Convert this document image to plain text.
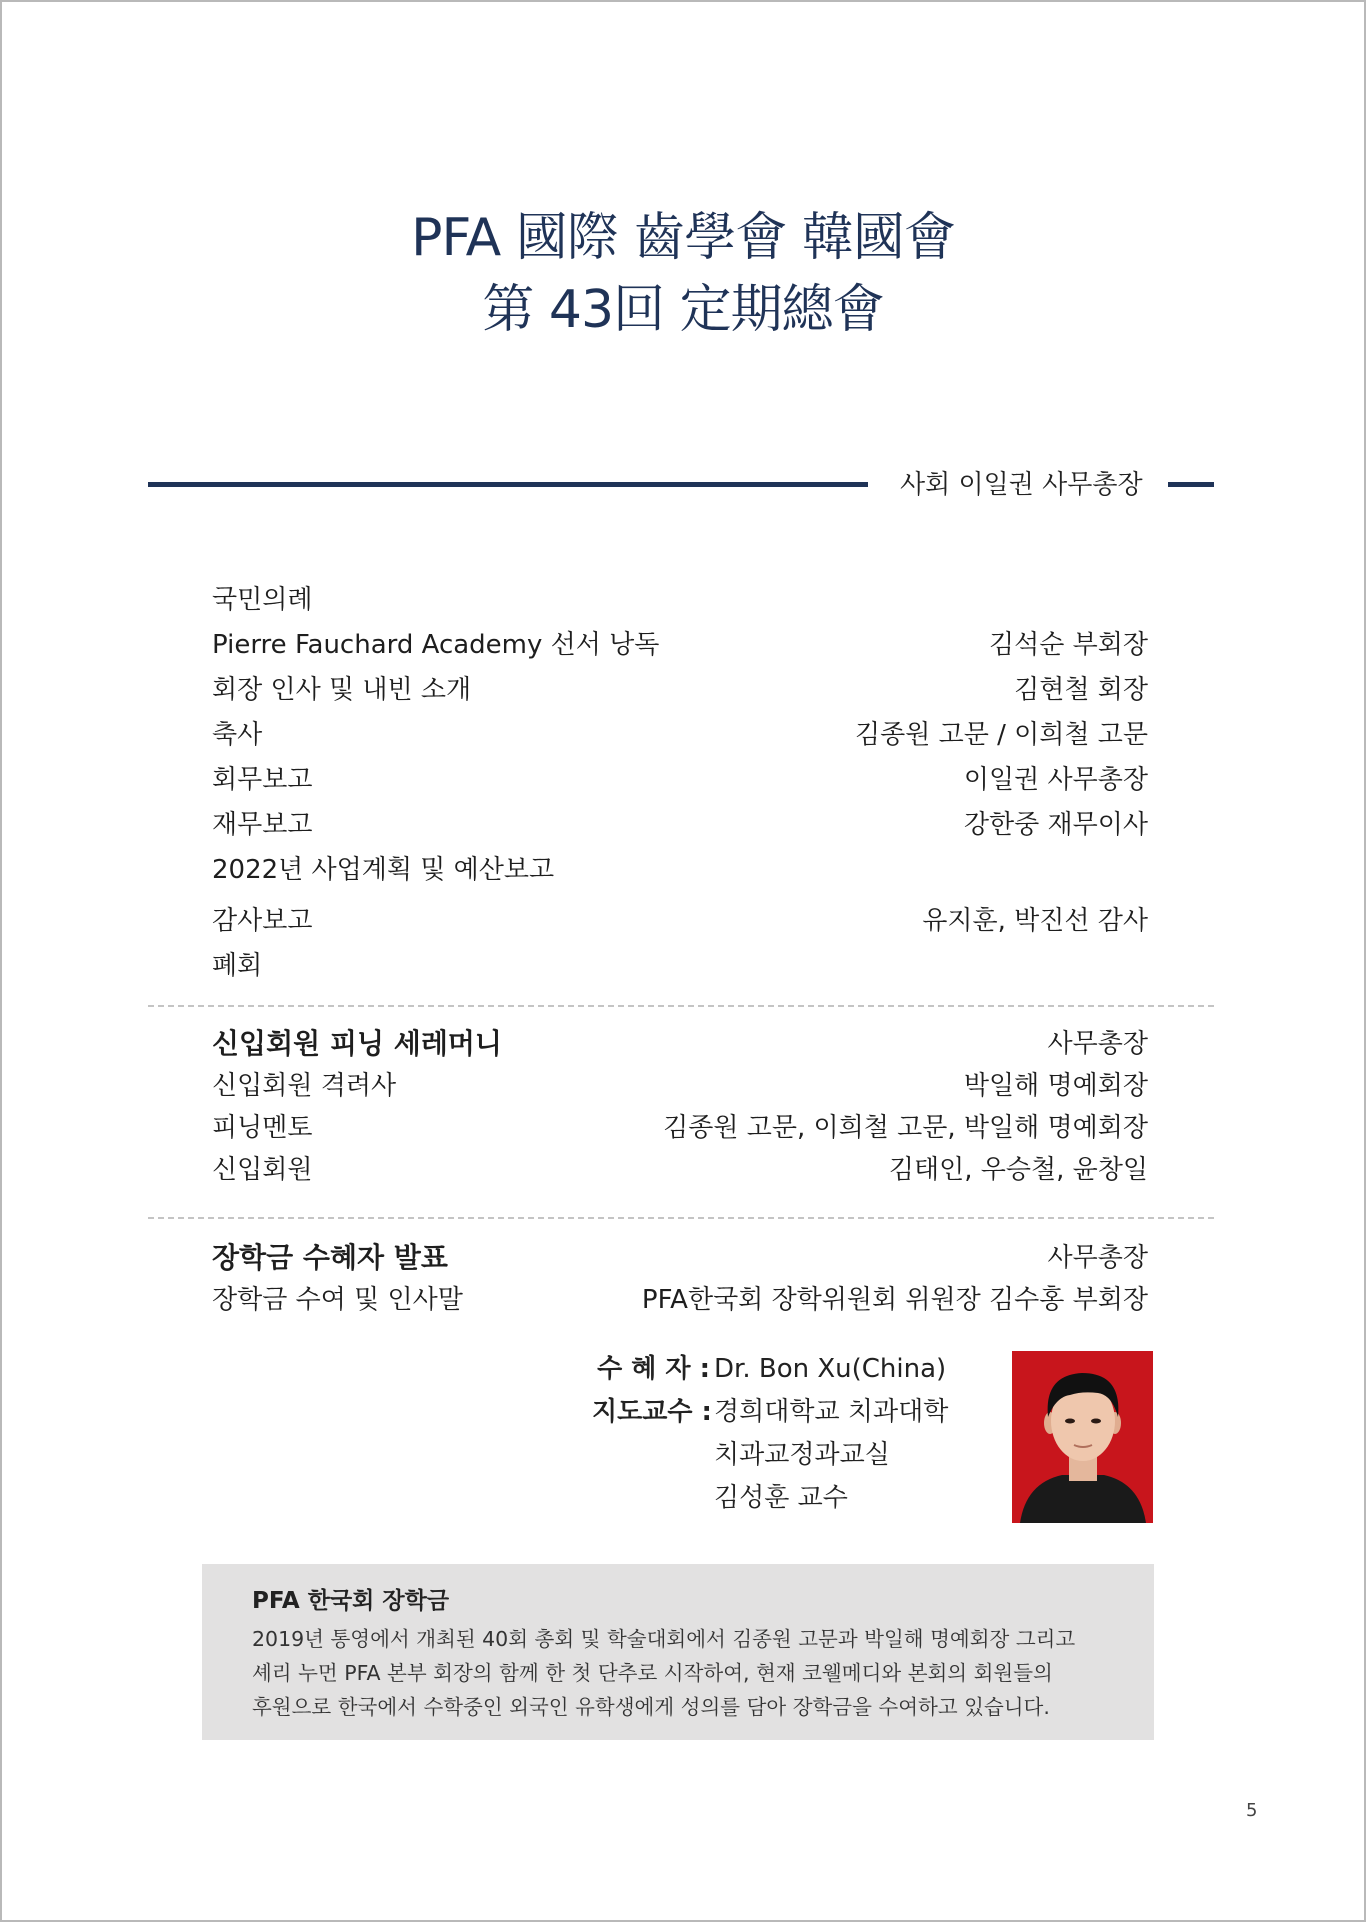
PFA 國際 齒學會 韓國會
第 43回 定期總會
사회 이일권 사무총장
국민의례
Pierre Fauchard Academy 선서 낭독	김석순 부회장
회장 인사 및 내빈 소개	김현철 회장
축사	김종원 고문 / 이희철 고문
회무보고	이일권 사무총장
재무보고	강한중 재무이사
2022년 사업계획 및 예산보고
감사보고	유지훈, 박진선 감사
폐회
신입회원 피닝 세레머니	사무총장
신입회원 격려사	박일해 명예회장
피닝멘토	김종원 고문, 이희철 고문, 박일해 명예회장
신입회원	김태인, 우승철, 윤창일
장학금 수혜자 발표	사무총장
장학금 수여 및 인사말	PFA한국회 장학위원회 위원장 김수홍 부회장
수 혜 자 : Dr. Bon Xu(China)
지도교수 : 경희대학교 치과대학
치과교정과교실
김성훈 교수
PFA 한국회 장학금
2019년 통영에서 개최된 40회 총회 및 학술대회에서 김종원 고문과 박일해 명예회장 그리고
셰리 누먼 PFA 본부 회장의 함께 한 첫 단추로 시작하여, 현재 코웰메디와 본회의 회원들의
후원으로 한국에서 수학중인 외국인 유학생에게 성의를 담아 장학금을 수여하고 있습니다.
5
